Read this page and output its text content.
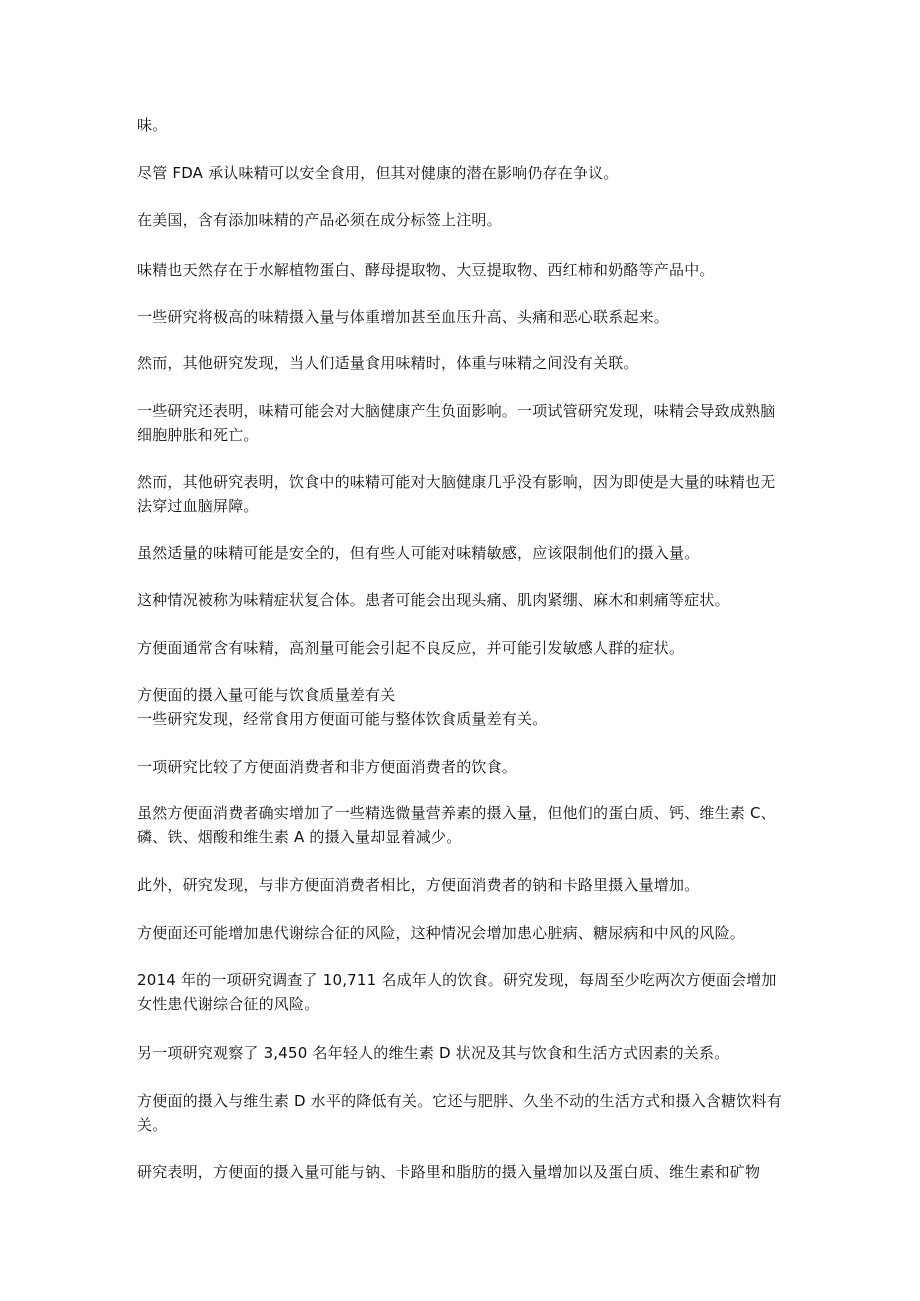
味。

尽管 FDA 承认味精可以安全食用，但其对健康的潜在影响仍存在争议。

在美国，含有添加味精的产品必须在成分标签上注明。

味精也天然存在于水解植物蛋白、酵母提取物、大豆提取物、西红柿和奶酪等产品中。

一些研究将极高的味精摄入量与体重增加甚至血压升高、头痛和恶心联系起来。

然而，其他研究发现，当人们适量食用味精时，体重与味精之间没有关联。

一些研究还表明，味精可能会对大脑健康产生负面影响。一项试管研究发现，味精会导致成熟脑细胞肿胀和死亡。

然而，其他研究表明，饮食中的味精可能对大脑健康几乎没有影响，因为即使是大量的味精也无法穿过血脑屏障。

虽然适量的味精可能是安全的，但有些人可能对味精敏感，应该限制他们的摄入量。

这种情况被称为味精症状复合体。患者可能会出现头痛、肌肉紧绷、麻木和刺痛等症状。

方便面通常含有味精，高剂量可能会引起不良反应，并可能引发敏感人群的症状。

方便面的摄入量可能与饮食质量差有关

一些研究发现，经常食用方便面可能与整体饮食质量差有关。

一项研究比较了方便面消费者和非方便面消费者的饮食。

虽然方便面消费者确实增加了一些精选微量营养素的摄入量，但他们的蛋白质、钙、维生素 C、磷、铁、烟酸和维生素 A 的摄入量却显着减少。

此外，研究发现，与非方便面消费者相比，方便面消费者的钠和卡路里摄入量增加。

方便面还可能增加患代谢综合征的风险，这种情况会增加患心脏病、糖尿病和中风的风险。

2014 年的一项研究调查了 10,711 名成年人的饮食。研究发现，每周至少吃两次方便面会增加女性患代谢综合征的风险。

另一项研究观察了 3,450 名年轻人的维生素 D 状况及其与饮食和生活方式因素的关系。

方便面的摄入与维生素 D 水平的降低有关。它还与肥胖、久坐不动的生活方式和摄入含糖饮料有关。

研究表明，方便面的摄入量可能与钠、卡路里和脂肪的摄入量增加以及蛋白质、维生素和矿物
